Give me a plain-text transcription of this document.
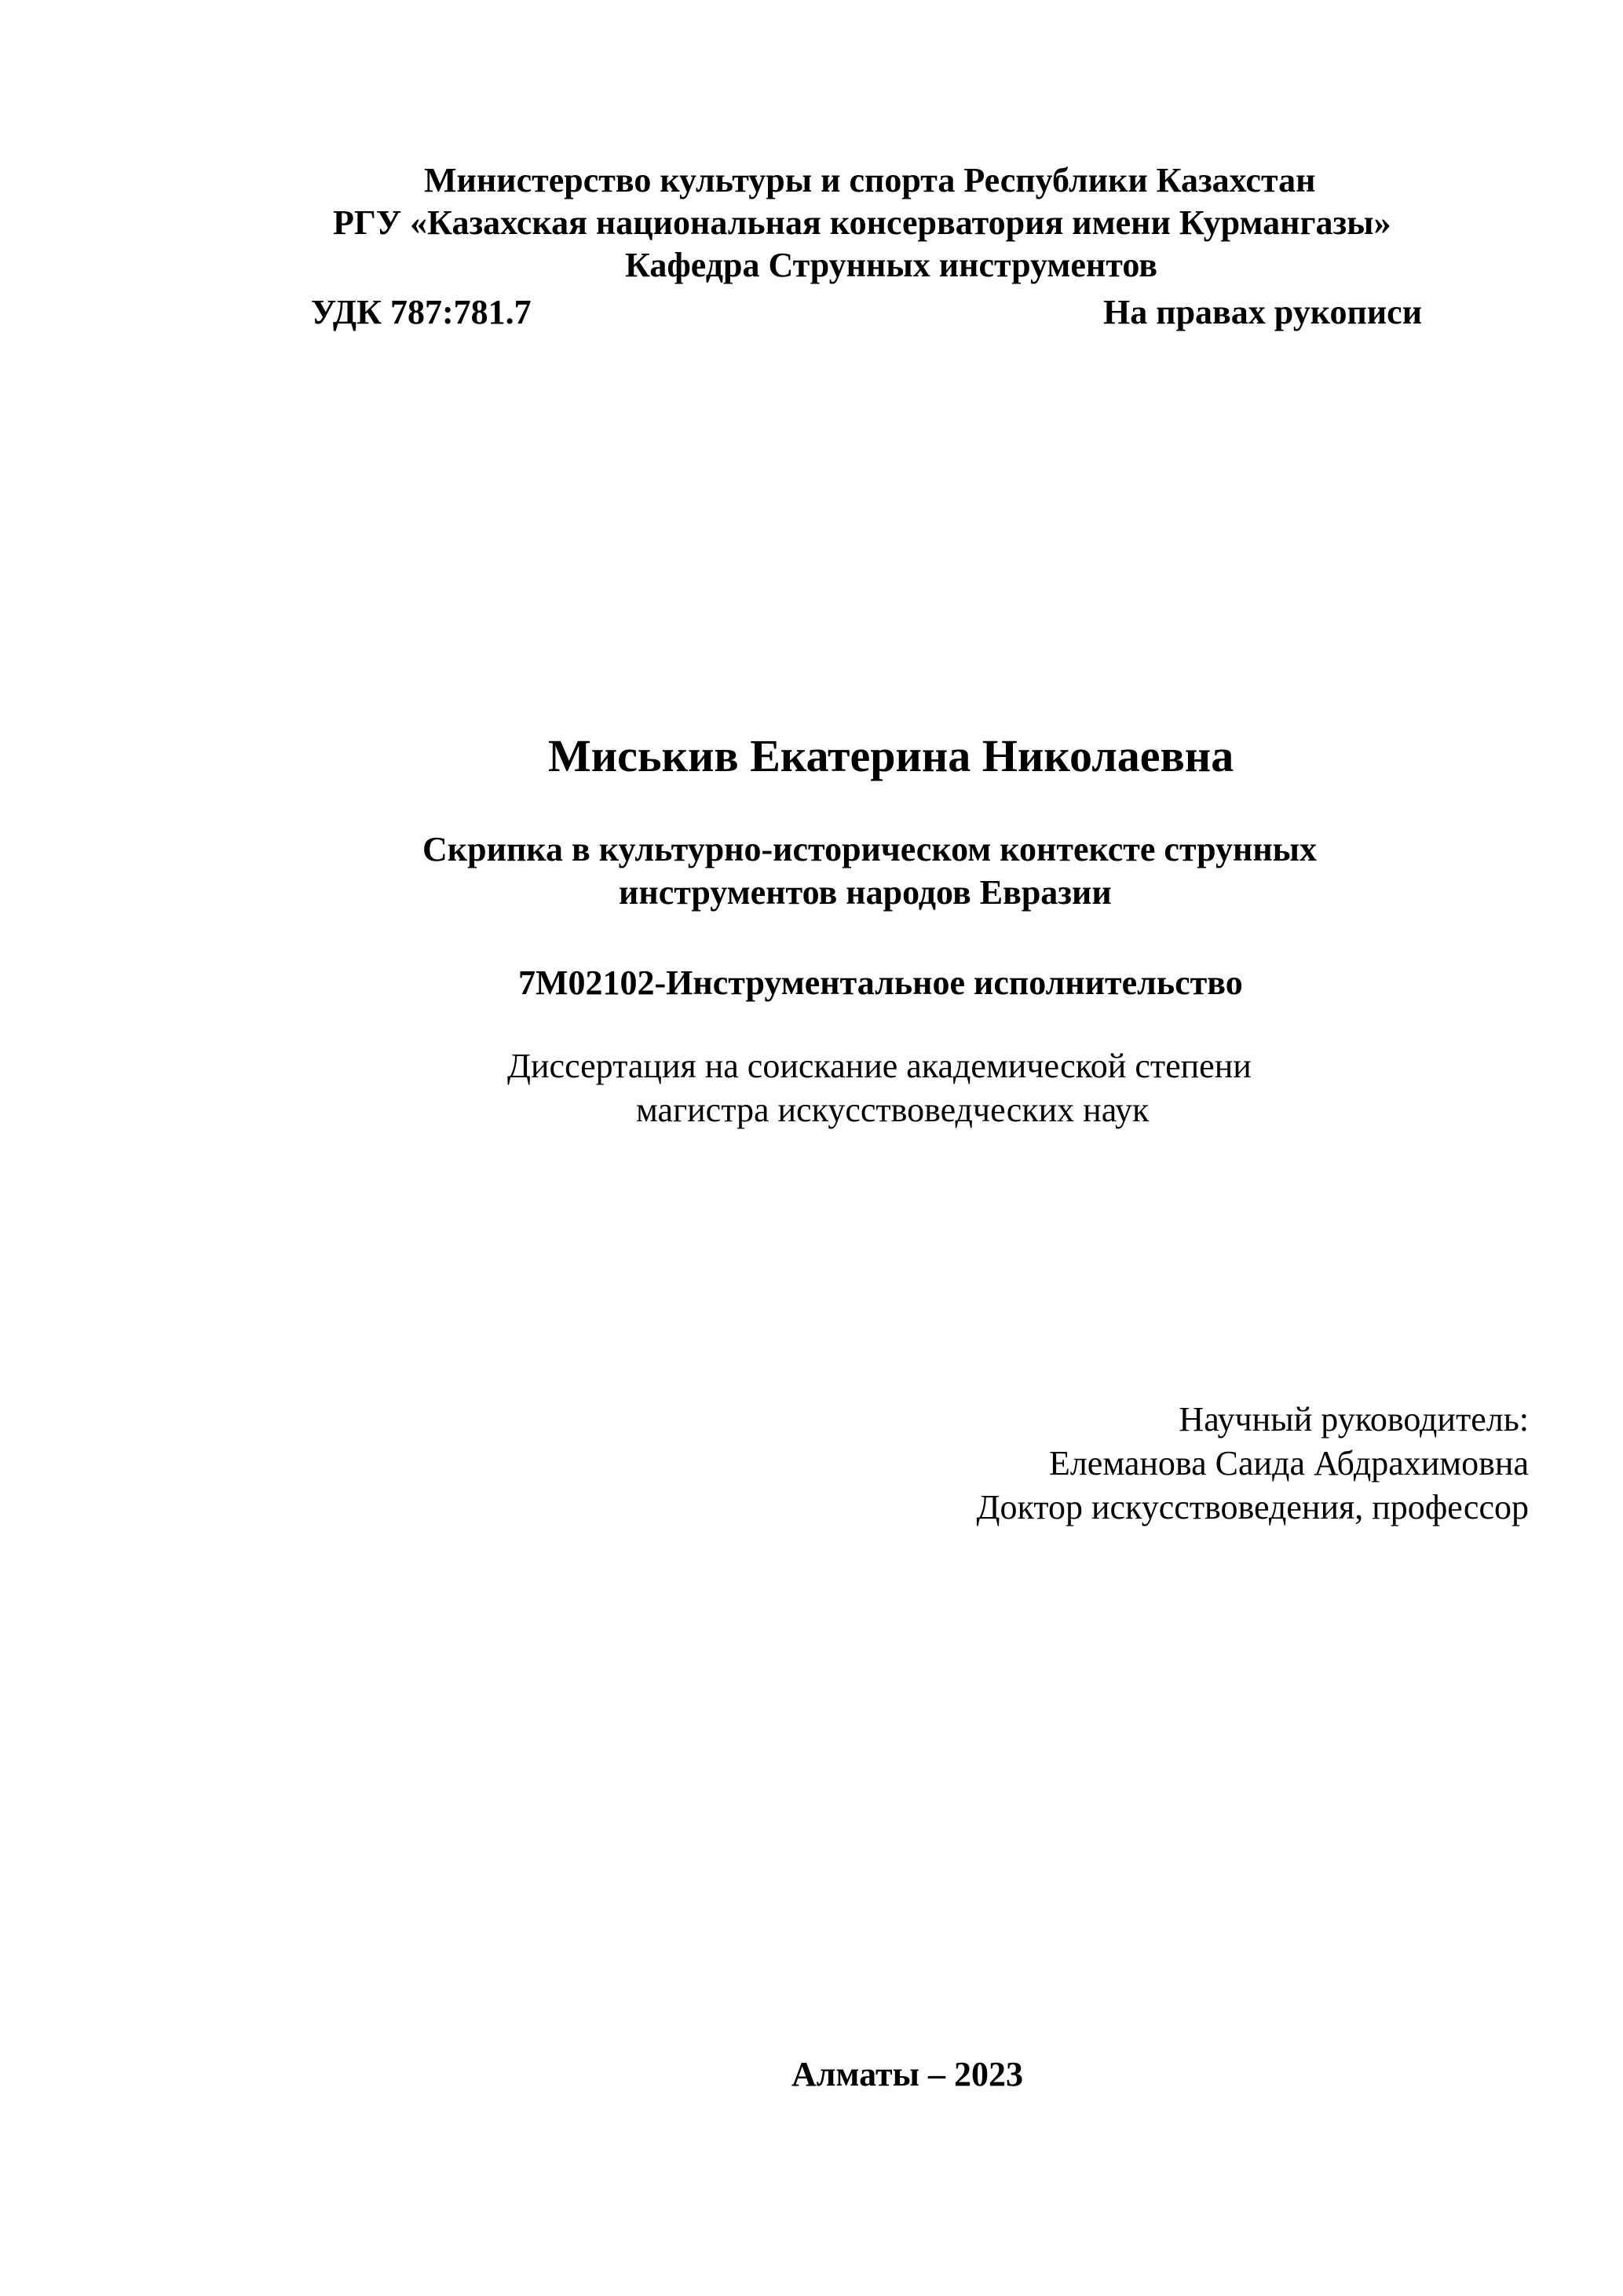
Министерство культуры и спорта Республики Казахстан
РГУ «Казахская национальная консерватория имени Курмангазы»
Кафедра Струнных инструментов
УДК 787:781.7	На правах рукописи
Миськив Екатерина Николаевна
Скрипка в культурно-историческом контексте струнных
инструментов народов Евразии
7М02102-Инструментальное исполнительство
Диссертация на соискание академической степени
магистра искусствоведческих наук
Научный руководитель:
Елеманова Саида Абдрахимовна
Доктор искусствоведения, профессор
Алматы – 2023
